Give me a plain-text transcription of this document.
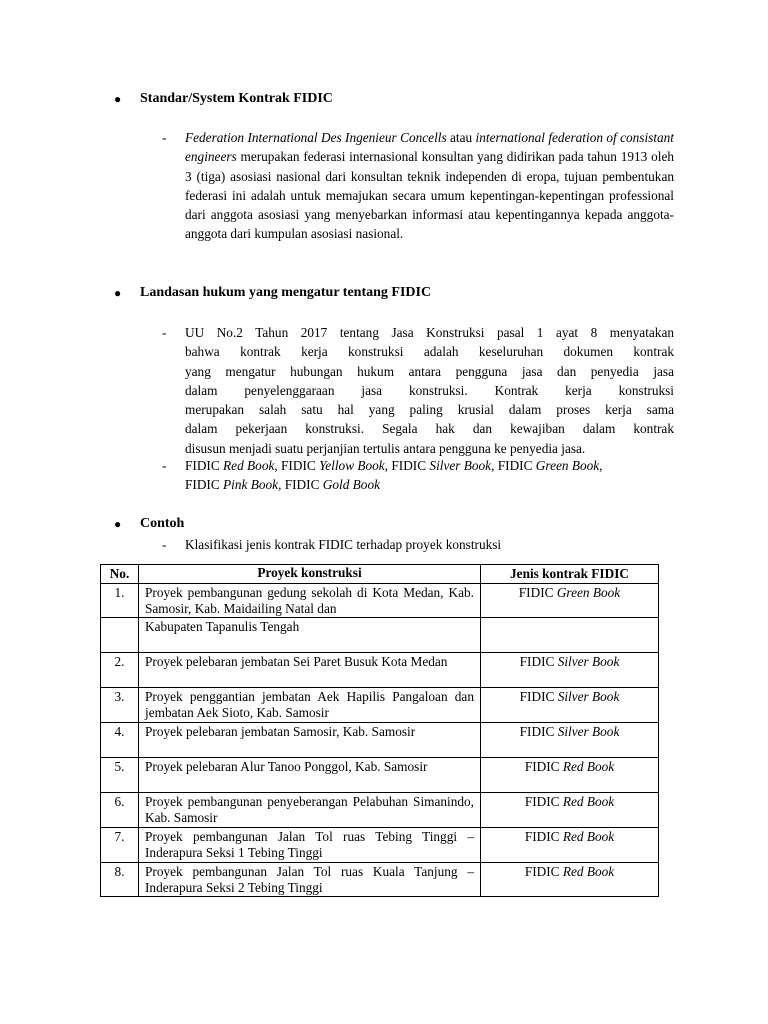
●	Standar/System Kontrak FIDIC
-	Federation International Des Ingenieur Concells atau international federation of consistant engineers merupakan federasi internasional konsultan yang didirikan pada tahun 1913 oleh 3 (tiga) asosiasi nasional dari konsultan teknik independen di eropa, tujuan pembentukan federasi ini adalah untuk memajukan secara umum kepentingan-kepentingan professional dari anggota asosiasi yang menyebarkan informasi atau kepentingannya kepada anggota-anggota dari kumpulan asosiasi nasional.
●	Landasan hukum yang mengatur tentang FIDIC
-	UU No.2 Tahun 2017 tentang Jasa Konstruksi pasal 1 ayat 8 menyatakan

bahwa kontrak kerja konstruksi adalah keseluruhan dokumen kontrak

yang mengatur hubungan hukum antara pengguna jasa dan penyedia jasa

dalam penyelenggaraan jasa konstruksi. Kontrak kerja konstruksi

merupakan salah satu hal yang paling krusial dalam proses kerja sama

dalam pekerjaan konstruksi. Segala hak dan kewajiban dalam kontrak

disusun menjadi suatu perjanjian tertulis antara pengguna ke penyedia jasa.

-	FIDIC Red Book, FIDIC Yellow Book, FIDIC Silver Book, FIDIC Green Book,
FIDIC Pink Book, FIDIC Gold Book
●	Contoh
-	Klasifikasi jenis kontrak FIDIC terhadap proyek konstruksi
No.	Proyek konstruksi	Jenis kontrak FIDIC
1.	Proyek pembangunan gedung sekolah di Kota Medan, Kab. Samosir, Kab. Maidailing Natal dan	FIDIC Green Book
	Kabupaten Tapanulis Tengah	
2.	Proyek pelebaran jembatan Sei Paret Busuk Kota Medan	FIDIC Silver Book
3.	Proyek penggantian jembatan Aek Hapilis Pangaloan dan jembatan Aek Sioto, Kab. Samosir	FIDIC Silver Book
4.	Proyek pelebaran jembatan Samosir, Kab. Samosir	FIDIC Silver Book
5.	Proyek pelebaran Alur Tanoo Ponggol, Kab. Samosir	FIDIC Red Book
6.	Proyek pembangunan penyeberangan Pelabuhan Simanindo, Kab. Samosir	FIDIC Red Book
7.	Proyek pembangunan Jalan Tol ruas Tebing Tinggi – Inderapura Seksi 1 Tebing Tinggi	FIDIC Red Book
8.	Proyek pembangunan Jalan Tol ruas Kuala Tanjung – Inderapura Seksi 2 Tebing Tinggi	FIDIC Red Book
